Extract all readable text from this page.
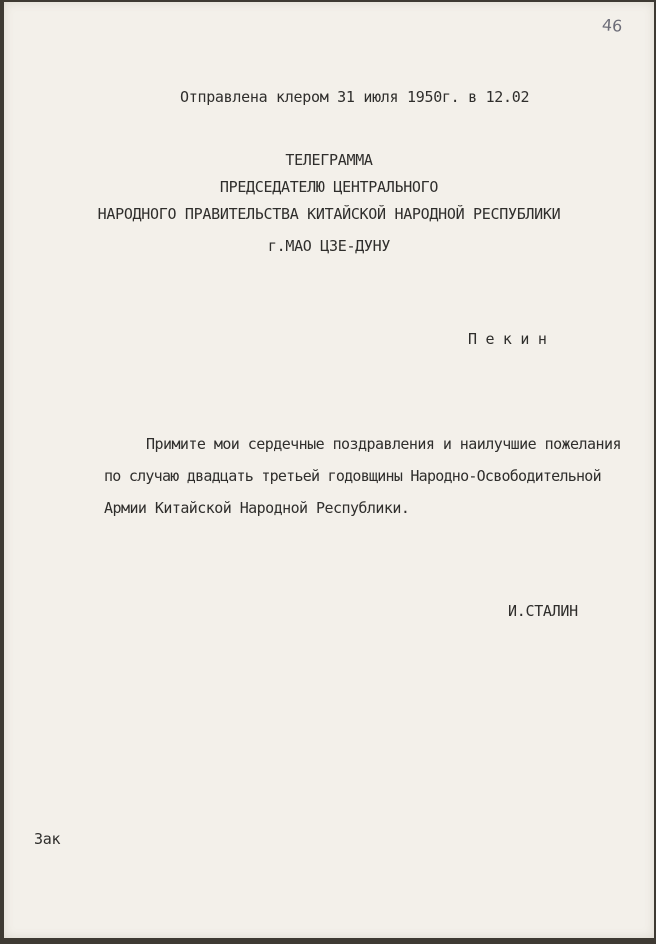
46

Отправлена клером 31 июля 1950г. в 12.02

ТЕЛЕГРАММА

ПРЕДСЕДАТЕЛЮ ЦЕНТРАЛЬНОГО

НАРОДНОГО ПРАВИТЕЛЬСТВА КИТАЙСКОЙ НАРОДНОЙ РЕСПУБЛИКИ

г.МАО ЦЗЕ-ДУНУ

П е к и н

Примите мои сердечные поздравления и наилучшие пожелания

по случаю двадцать третьей годовщины Народно-Освободительной

Армии Китайской Народной Республики.

И.СТАЛИН

Зак
